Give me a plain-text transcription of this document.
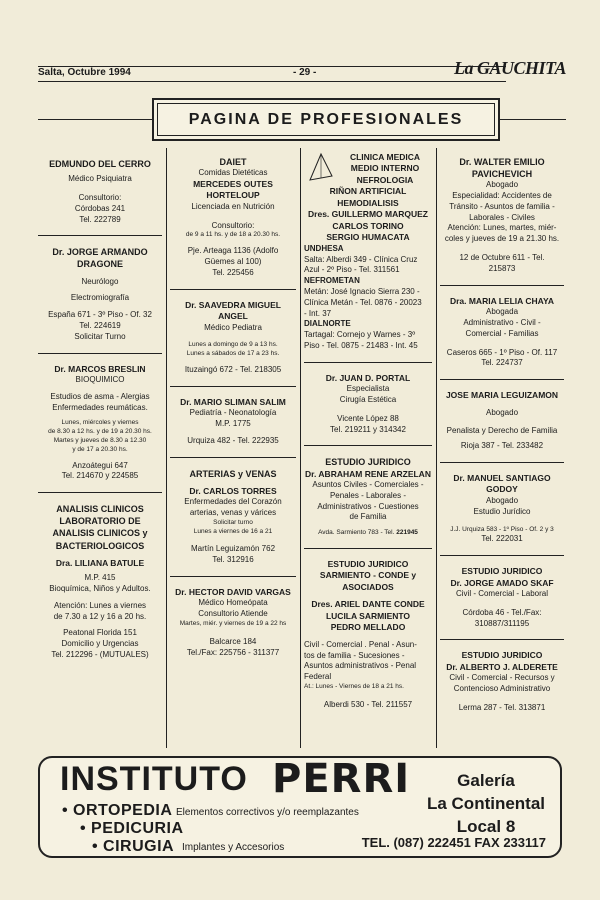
Salta, Octubre 1994	- 29 -	La GAUCHITA
PAGINA DE PROFESIONALES
EDMUNDO DEL CERRO
Médico Psiquiatra
Consultorio:
Córdobas 241
Tel. 222789
Dr. JORGE ARMANDO
DRAGONE
Neurólogo
Electromiografía
España 671 - 3º Piso - Of. 32
Tel. 224619
Solicitar Turno
Dr. MARCOS BRESLIN
BIOQUIMICO
Estudios de asma - Alergias
Enfermedades reumáticas.
Lunes, miércoles y viernes
de 8.30 a 12 hs. y de 19 a 20.30 hs.
Martes y jueves de 8.30 a 12.30
y de 17 a 20.30 hs.
Anzoátegui 647
Tel. 214670 y 224585
ANALISIS CLINICOS
LABORATORIO DE
ANALISIS CLINICOS y
BACTERIOLOGICOS
Dra. LILIANA BATULE
M.P. 415
Bioquímica, Niños y Adultos.
Atención: Lunes a viernes
de 7.30 a 12 y 16 a 20 hs.
Peatonal Florida 151
Domicilio y Urgencias
Tel. 212296 - (MUTUALES)
DAIET
Comidas Dietéticas
MERCEDES OUTES
HORTELOUP
Licenciada en Nutrición
Consultorio:
de 9 a 11 hs. y de 18 a 20.30 hs.
Pje. Arteaga 1136 (Adolfo
Güemes al 100)
Tel. 225456
Dr. SAAVEDRA MIGUEL
ANGEL
Médico Pediatra
Lunes a domingo de 9 a 13 hs.
Lunes a sábados de 17 a 23 hs.
Ituzaingó 672 - Tel. 218305
Dr. MARIO SLIMAN SALIM
Pediatría - Neonatología
M.P. 1775
Urquiza 482 - Tel. 222935
ARTERIAS y VENAS
Dr. CARLOS TORRES
Enfermedades del Corazón
arterias, venas y várices
Solicitar turno
Lunes a viernes de 16 a 21
Martín Leguizamón 762
Tel. 312916
Dr. HECTOR DAVID VARGAS
Médico Homeópata
Consultorio Atiende
Martes, miér. y viernes de 19 a 22 hs
Balcarce 184
Tel./Fax: 225756 - 311377
CLINICA MEDICA
MEDIO INTERNO
NEFROLOGIA
RIÑON ARTIFICIAL
HEMODIALISIS
Dres. GUILLERMO MARQUEZ
CARLOS TORINO
SERGIO HUMACATA
UNDHESA
Salta: Alberdi 349 - Clínica Cruz
Azul - 2º Piso - Tel. 311561
NEFROMETAN
Metán: José Ignacio Sierra 230 -
Clínica Metán - Tel. 0876 - 20023
- Int. 37
DIALNORTE
Tartagal: Cornejo y Warnes - 3º
Piso - Tel. 0875 - 21483 - Int. 45
Dr. JUAN D. PORTAL
Especialista
Cirugía Estética
Vicente López 88
Tel. 219211 y 314342
ESTUDIO JURIDICO
Dr. ABRAHAM RENE ARZELAN
Asuntos Civiles - Comerciales -
Penales - Laborales -
Administrativos - Cuestiones
de Familia
Avda. Sarmiento 783 - Tel. 221945
ESTUDIO JURIDICO
SARMIENTO - CONDE y
ASOCIADOS
Dres. ARIEL DANTE CONDE
LUCILA SARMIENTO
PEDRO MELLADO
Civil - Comercial . Penal - Asun-
tos de familia - Sucesiones -
Asuntos administrativos - Penal
Federal
At.: Lunes - Viernes de 18 a 21 hs.
Alberdi 530 - Tel. 211557
Dr. WALTER EMILIO
PAVICHEVICH
Abogado
Especialidad: Accidentes de
Tránsito - Asuntos de familia -
Laborales - Civiles
Atención: Lunes, martes, miér-
coles y jueves de 19 a 21.30 hs.
12 de Octubre 611 - Tel.
215873
Dra. MARIA LELIA CHAYA
Abogada
Administrativo - Civil -
Comercial - Familias
Caseros 665 - 1º Piso - Of. 117
Tel. 224737
JOSE MARIA LEGUIZAMON
Abogado
Penalista y Derecho de Familia
Rioja 387 - Tel. 233482
Dr. MANUEL SANTIAGO
GODOY
Abogado
Estudio Jurídico
J.J. Urquiza 583 - 1º Piso - Of. 2 y 3
Tel. 222031
ESTUDIO JURIDICO
Dr. JORGE AMADO SKAF
Civil - Comercial - Laboral
Córdoba 46 - Tel./Fax:
310887/311195
ESTUDIO JURIDICO
Dr. ALBERTO J. ALDERETE
Civil - Comercial - Recursos y
Contencioso Administrativo
Lerma 287 - Tel. 313871
INSTITUTO PERRI
• ORTOPEDIA Elementos correctivos y/o reemplazantes
• PEDICURIA
• CIRUGIA Implantes y Accesorios
Galería
La Continental
Local 8
TEL. (087) 222451 FAX 233117
